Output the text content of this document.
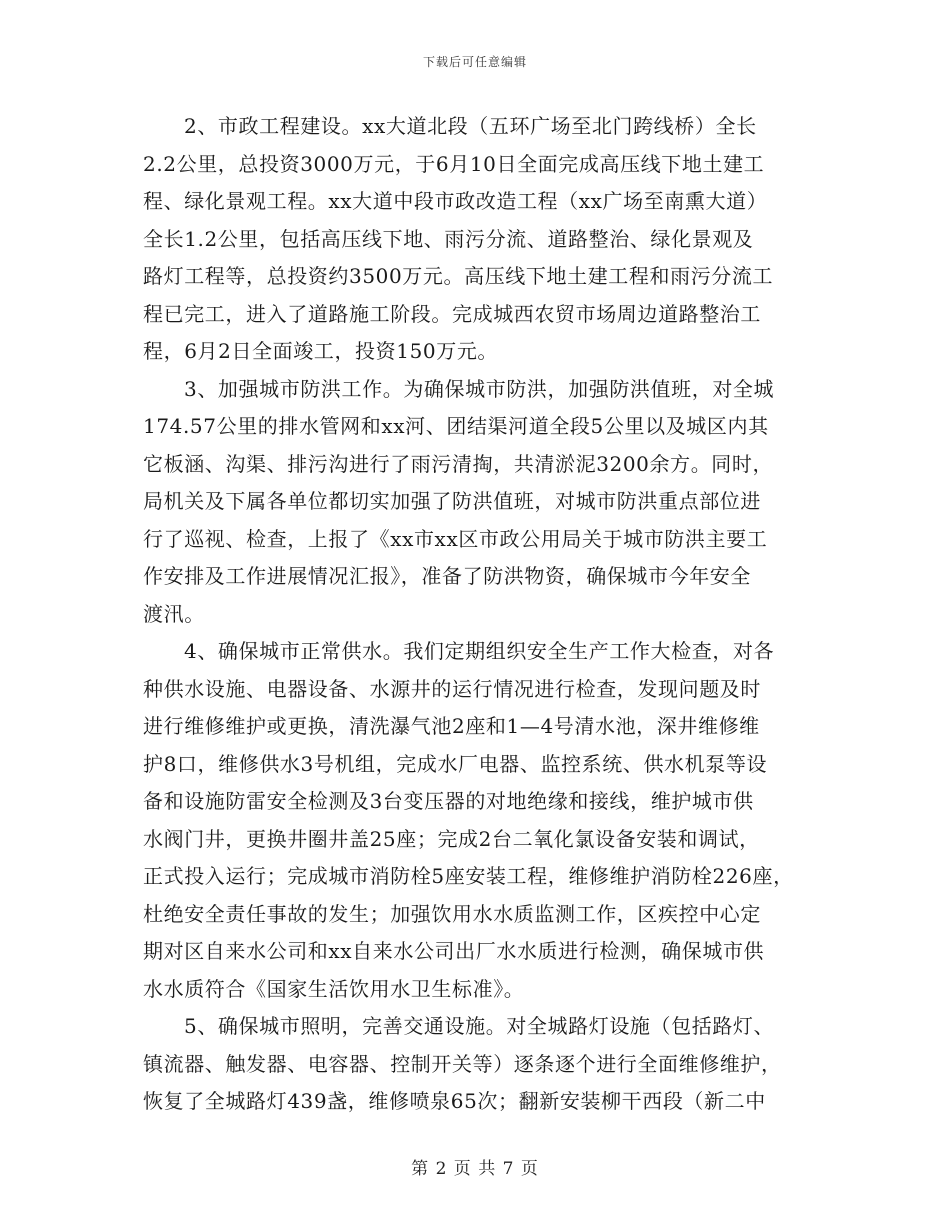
下载后可任意编辑
2、市政工程建设。xx大道北段（五环广场至北门跨线桥）全长
2.2公里，总投资3000万元，于6月10日全面完成高压线下地土建工
程、绿化景观工程。xx大道中段市政改造工程（xx广场至南熏大道）
全长1.2公里，包括高压线下地、雨污分流、道路整治、绿化景观及
路灯工程等，总投资约3500万元。高压线下地土建工程和雨污分流工
程已完工，进入了道路施工阶段。完成城西农贸市场周边道路整治工
程，6月2日全面竣工，投资150万元。
3、加强城市防洪工作。为确保城市防洪，加强防洪值班，对全城
174.57公里的排水管网和xx河、团结渠河道全段5公里以及城区内其
它板涵、沟渠、排污沟进行了雨污清掏，共清淤泥3200余方。同时，
局机关及下属各单位都切实加强了防洪值班，对城市防洪重点部位进
行了巡视、检查，上报了《xx市xx区市政公用局关于城市防洪主要工
作安排及工作进展情况汇报》，准备了防洪物资，确保城市今年安全
渡汛。
4、确保城市正常供水。我们定期组织安全生产工作大检查，对各
种供水设施、电器设备、水源井的运行情况进行检查，发现问题及时
进行维修维护或更换，清洗瀑气池2座和1—4号清水池，深井维修维
护8口，维修供水3号机组，完成水厂电器、监控系统、供水机泵等设
备和设施防雷安全检测及3台变压器的对地绝缘和接线，维护城市供
水阀门井，更换井圈井盖25座；完成2台二氧化氯设备安装和调试，
正式投入运行；完成城市消防栓5座安装工程，维修维护消防栓226座，
杜绝安全责任事故的发生；加强饮用水水质监测工作，区疾控中心定
期对区自来水公司和xx自来水公司出厂水水质进行检测，确保城市供
水水质符合《国家生活饮用水卫生标准》。
5、确保城市照明，完善交通设施。对全城路灯设施（包括路灯、
镇流器、触发器、电容器、控制开关等）逐条逐个进行全面维修维护，
恢复了全城路灯439盏，维修喷泉65次；翻新安装柳干西段（新二中
第 2 页 共 7 页
